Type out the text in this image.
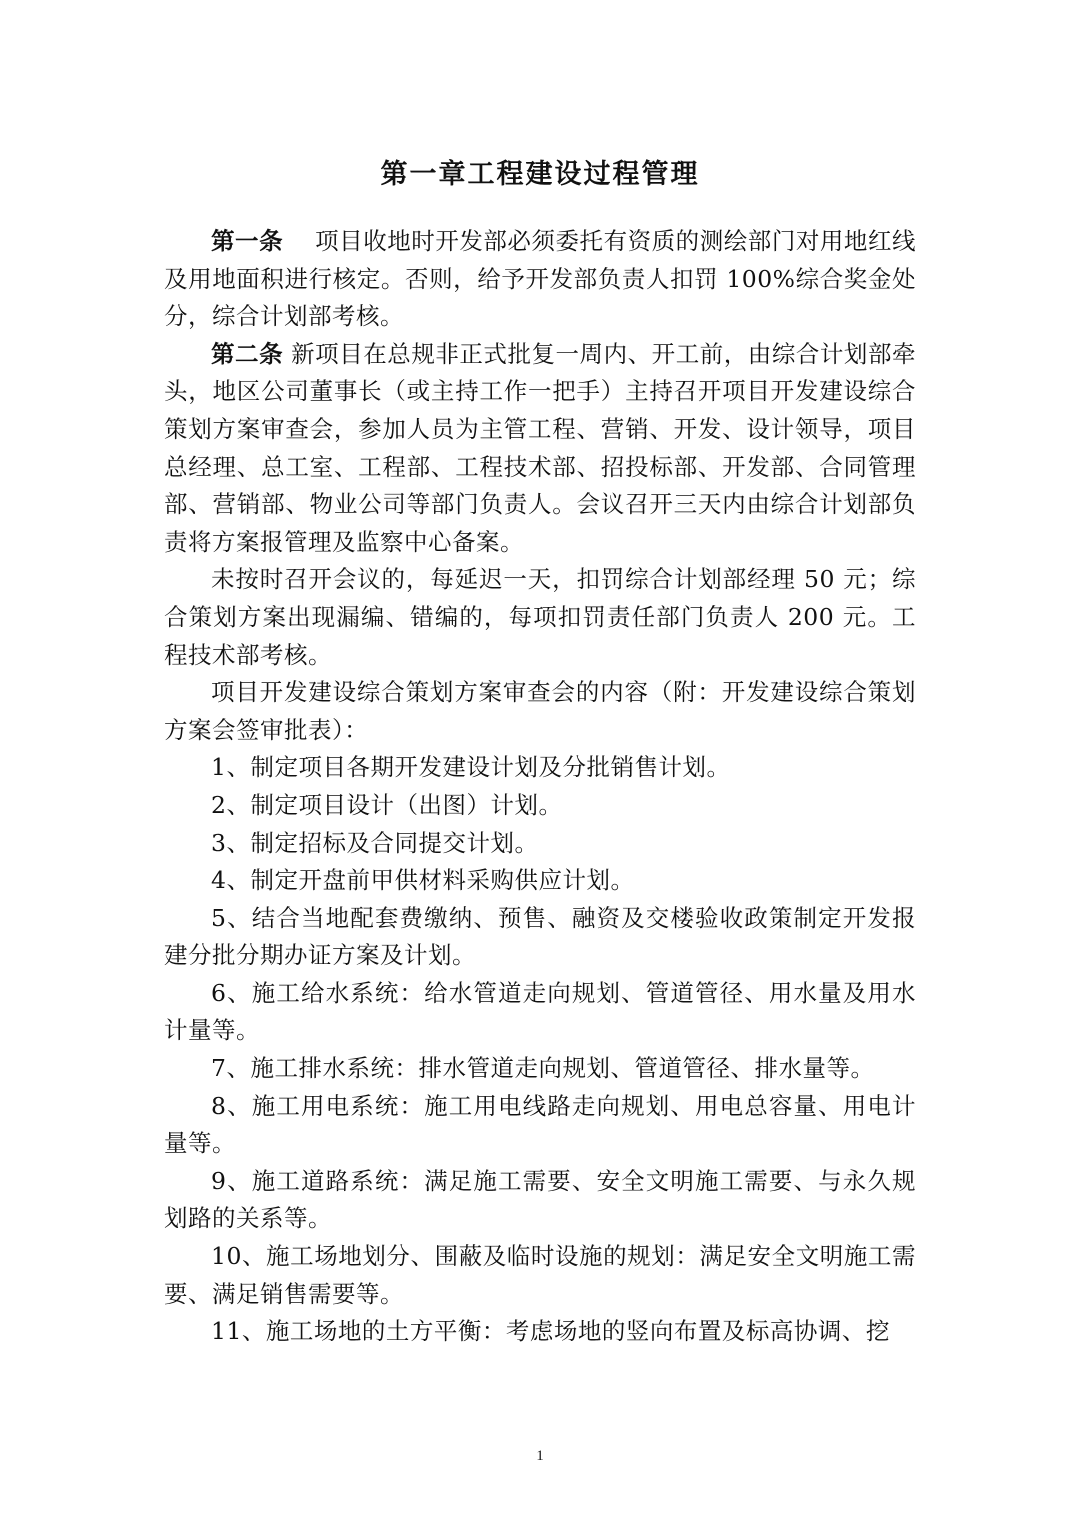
第一章工程建设过程管理

第一条 项目收地时开发部必须委托有资质的测绘部门对用地红线及用地面积进行核定。否则，给予开发部负责人扣罚 100%综合奖金处分，综合计划部考核。

第二条 新项目在总规非正式批复一周内、开工前，由综合计划部牵头，地区公司董事长（或主持工作一把手）主持召开项目开发建设综合策划方案审查会，参加人员为主管工程、营销、开发、设计领导，项目总经理、总工室、工程部、工程技术部、招投标部、开发部、合同管理部、营销部、物业公司等部门负责人。会议召开三天内由综合计划部负责将方案报管理及监察中心备案。

未按时召开会议的，每延迟一天，扣罚综合计划部经理 50 元；综合策划方案出现漏编、错编的，每项扣罚责任部门负责人 200 元。工程技术部考核。

项目开发建设综合策划方案审查会的内容（附：开发建设综合策划方案会签审批表）：

1、制定项目各期开发建设计划及分批销售计划。

2、制定项目设计（出图）计划。

3、制定招标及合同提交计划。

4、制定开盘前甲供材料采购供应计划。

5、结合当地配套费缴纳、预售、融资及交楼验收政策制定开发报建分批分期办证方案及计划。

6、施工给水系统：给水管道走向规划、管道管径、用水量及用水计量等。

7、施工排水系统：排水管道走向规划、管道管径、排水量等。

8、施工用电系统：施工用电线路走向规划、用电总容量、用电计量等。

9、施工道路系统：满足施工需要、安全文明施工需要、与永久规划路的关系等。

10、施工场地划分、围蔽及临时设施的规划：满足安全文明施工需要、满足销售需要等。

11、施工场地的土方平衡：考虑场地的竖向布置及标高协调、挖

1
